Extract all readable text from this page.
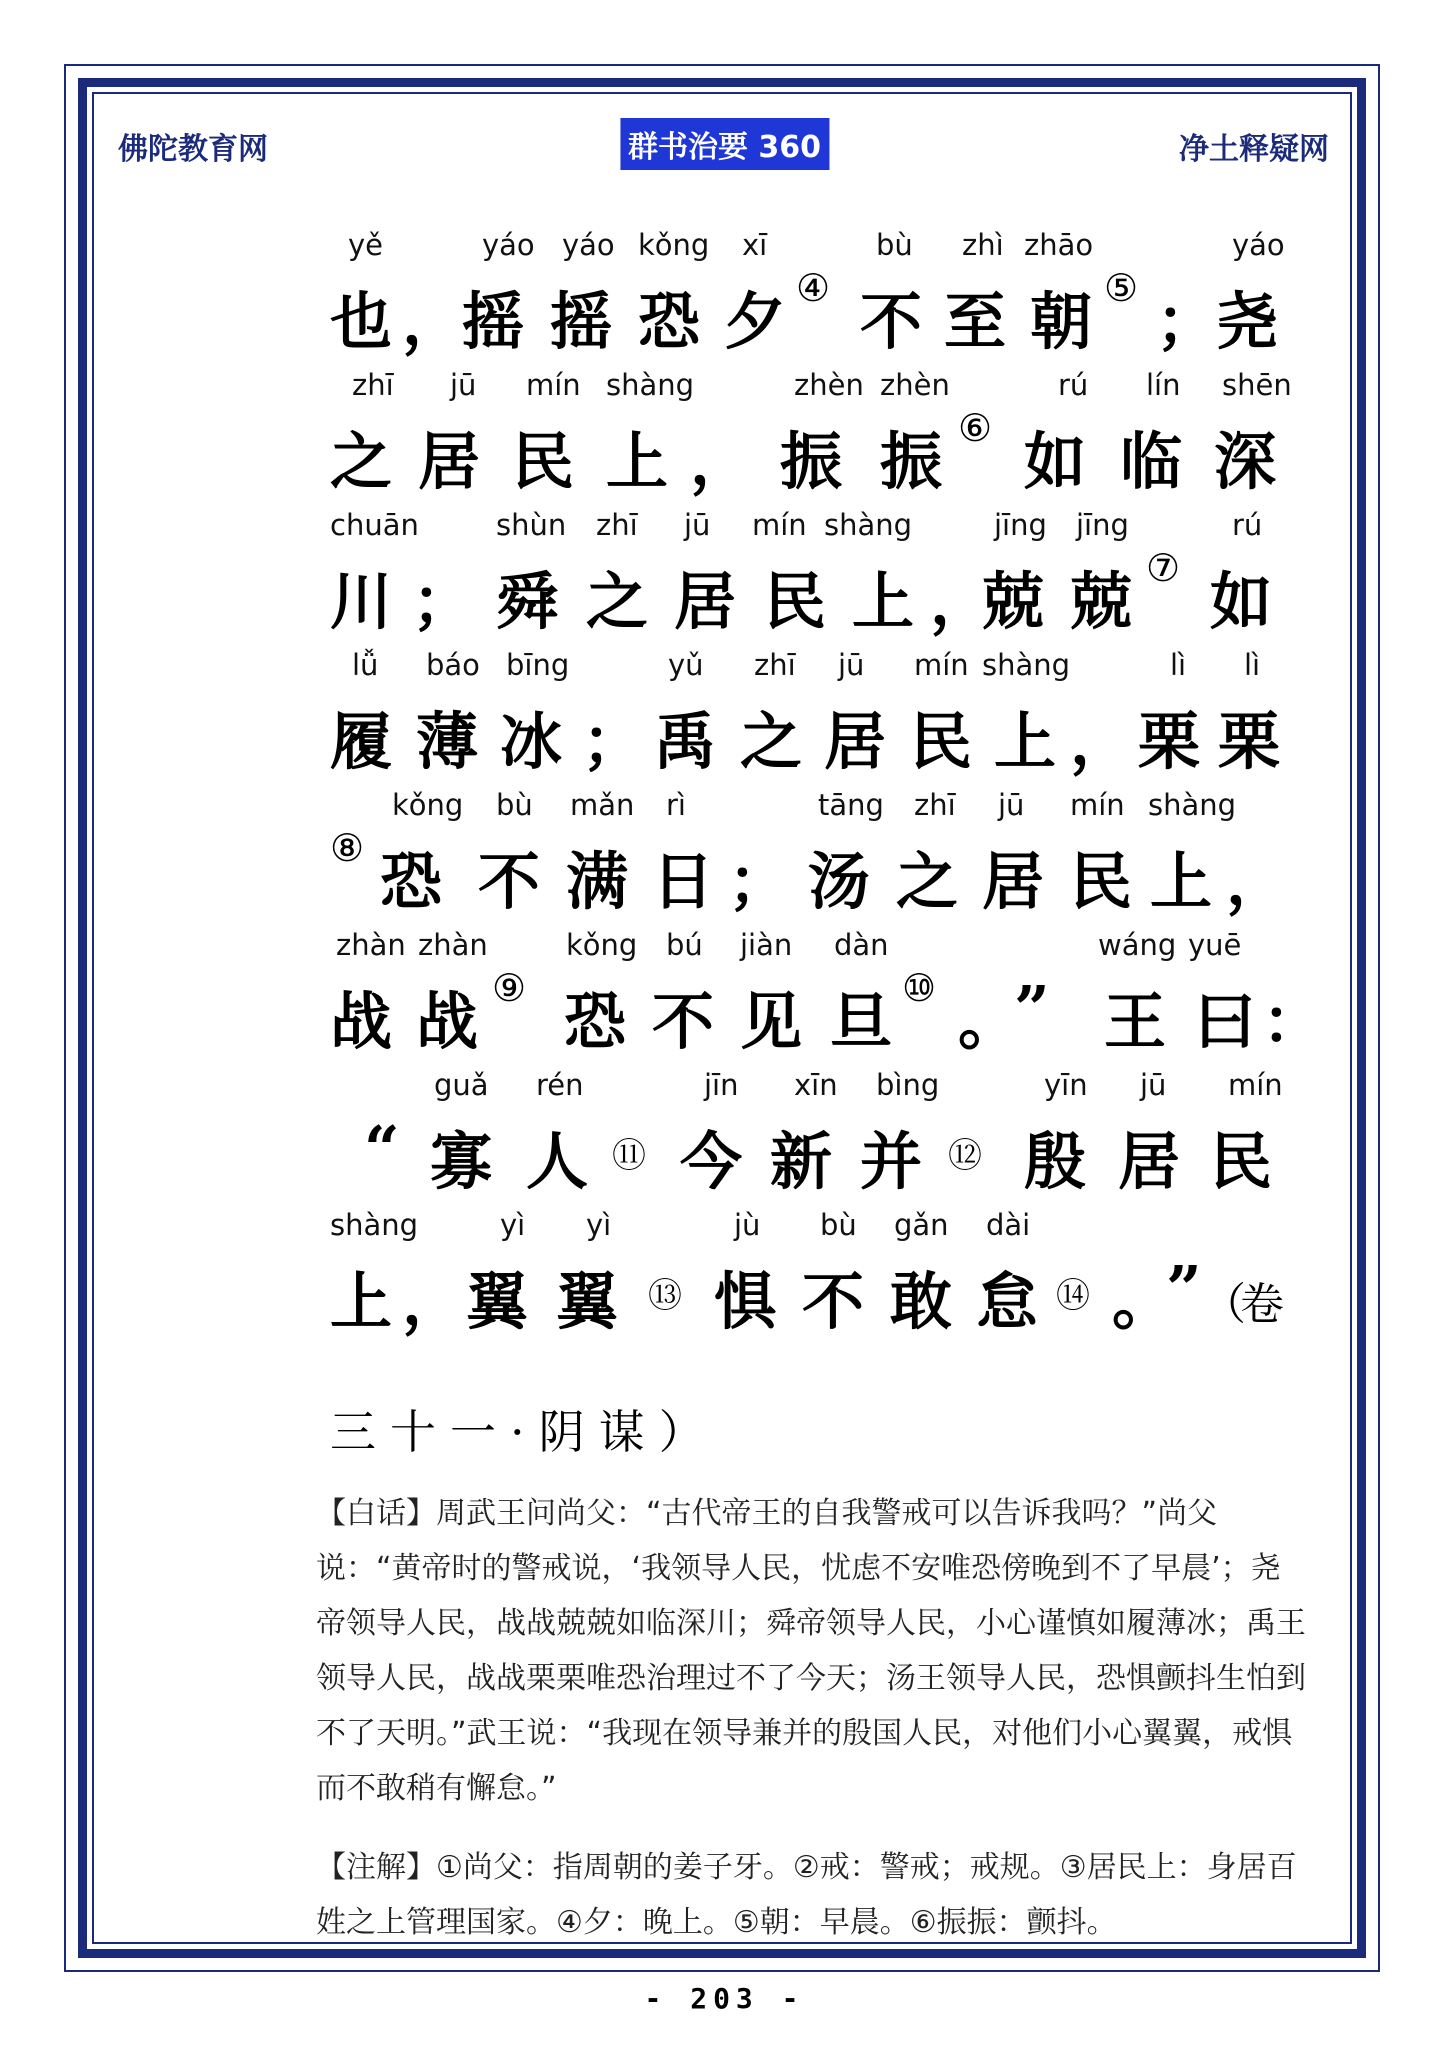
佛陀教育网	群书治要 360	净土释疑网
yě	yáo yáo kǒng xī	bù zhì zhāo	yáo
也 ，
摇 摇 恐 夕 ④ 不 至 朝 ⑤ ；
尧
zhī jū mín shàng	zhèn zhèn	rú lín shēn
之 居 民 上 ， 振 振 ⑥ 如 临 深
chuān	shùn zhī jū mín shàng	jīng jīng	rú
川 ； 舜 之 居 民 上 ，
兢 兢 ⑦ 如
lǚ báo bīng	yǔ zhī jū mín shàng	lì lì
履 薄 冰 ； 禹 之 居 民 上 ， 栗 栗
kǒng bù mǎn rì	tāng zhī jū mín shàng
⑧ 恐 不 满 日 ； 汤 之 居 民 上 ，
zhàn zhàn	kǒng bú jiàn dàn	wáng yuē
战 战 ⑨ 恐 不 见 旦 ⑩ 。
” 王 曰 ：
guǎ rén	jīn xīn bìng	yīn jū mín
“ 寡 人 ⑪ 今 新 并 ⑫ 殷 居 民
shàng	yì yì	jù bù gǎn dài
上 ， 翼 翼 ⑬ 惧 不 敢 怠 ⑭ 。
” （
卷
三十一·阴谋）

【白话】周武王问尚父：“古代帝王的自我警戒可以告诉我吗？”尚父说：“黄帝时的警戒说，‘我领导人民，忧虑不安唯恐傍晚到不了早晨’；尧帝领导人民，战战兢兢如临深川；舜帝领导人民，小心谨慎如履薄冰；禹王领导人民，战战栗栗唯恐治理过不了今天；汤王领导人民，恐惧颤抖生怕到不了天明。”武王说：“我现在领导兼并的殷国人民，对他们小心翼翼，戒惧而不敢稍有懈怠。”

【注解】①尚父：指周朝的姜子牙。②戒：警戒；戒规。③居民上：身居百姓之上管理国家。④夕：晚上。⑤朝：早晨。⑥振振：颤抖。

- 203 -
